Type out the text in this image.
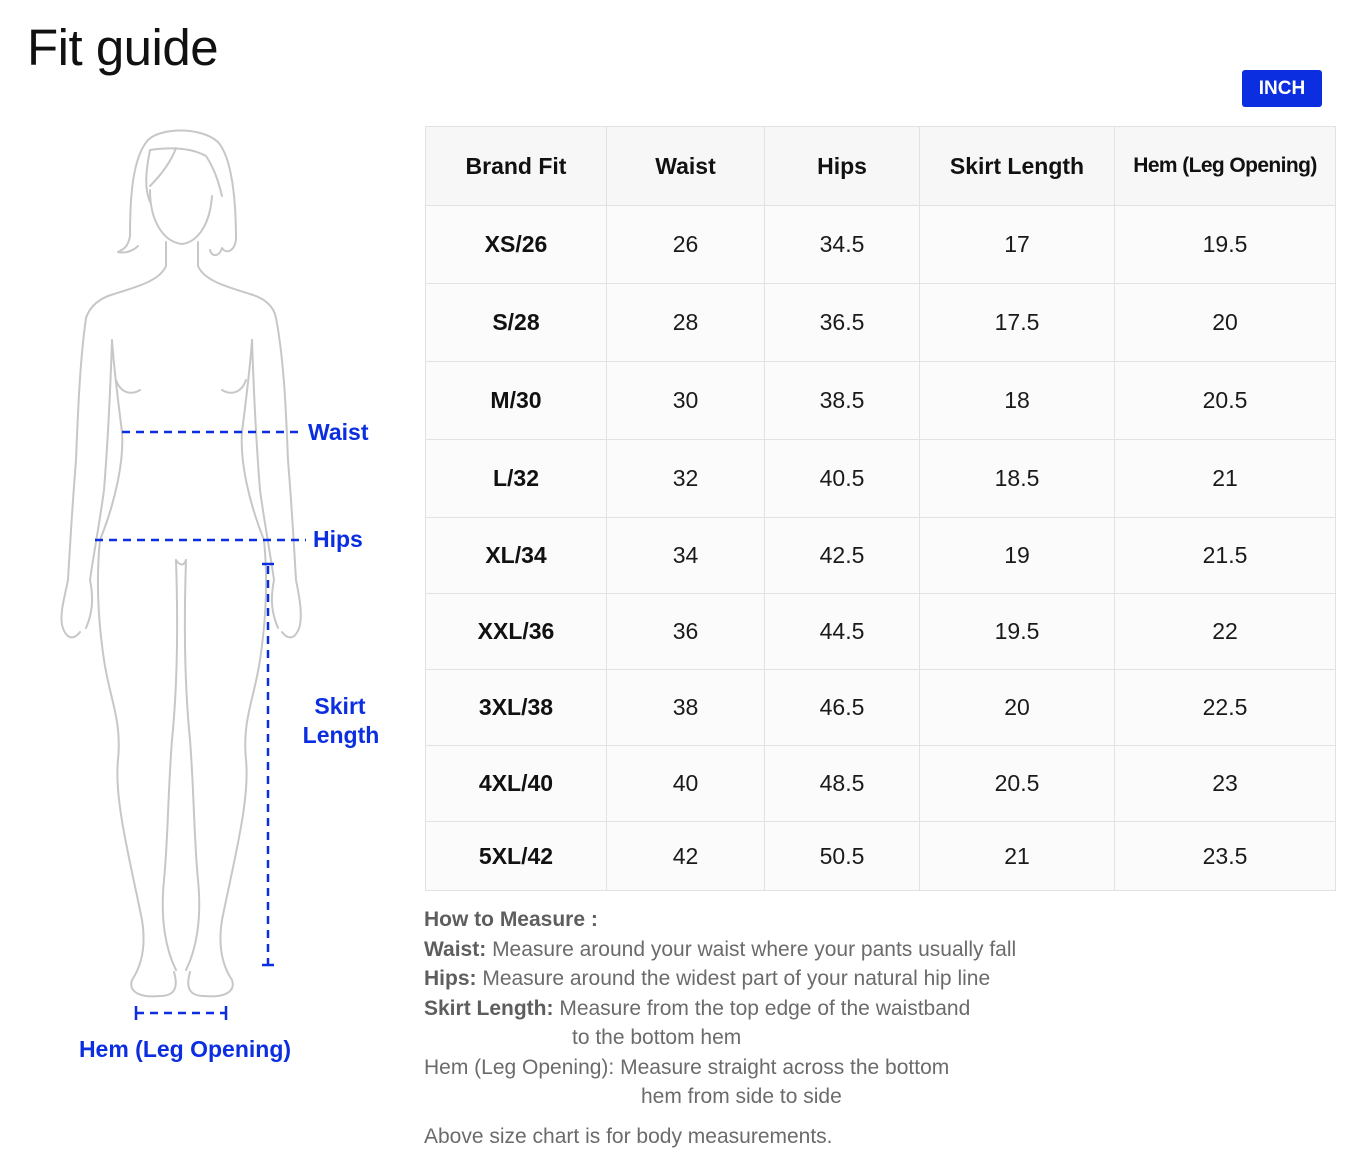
Fit guide
INCH
Waist
Hips
Skirt
Length
Hem (Leg Opening)
Brand Fit	Waist	Hips	Skirt Length	Hem (Leg Opening)
XS/26	26	34.5	17	19.5
S/28	28	36.5	17.5	20
M/30	30	38.5	18	20.5
L/32	32	40.5	18.5	21
XL/34	34	42.5	19	21.5
XXL/36	36	44.5	19.5	22
3XL/38	38	46.5	20	22.5
4XL/40	40	48.5	20.5	23
5XL/42	42	50.5	21	23.5
How to Measure :
Waist: Measure around your waist where your pants usually fall
Hips: Measure around the widest part of your natural hip line
Skirt Length: Measure from the top edge of the waistband
to the bottom hem
Hem (Leg Opening): Measure straight across the bottom
hem from side to side
Above size chart is for body measurements.
